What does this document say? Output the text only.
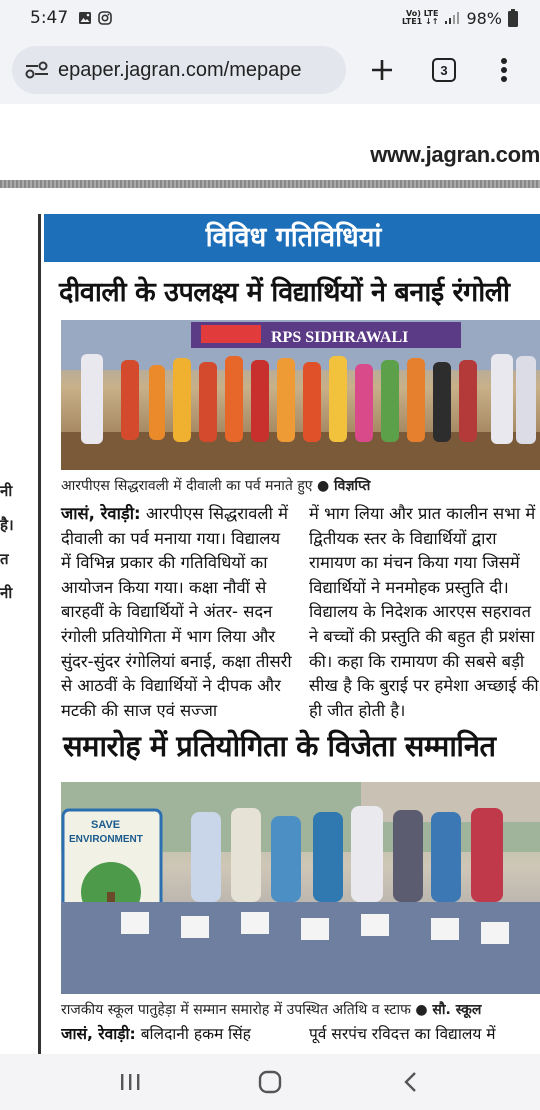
5:47	Vo) LTE
LTE1 ↓↑ 98%
epaper.jagran.com/mepape	3
www.jagran.com
नी
है।
त
नी
विविध गतिविधियां
दीवाली के उपलक्ष्य में विद्यार्थियों ने बनाई रंगोली
RPS SIDHRAWALI
आरपीएस सिद्धरावली में दीवाली का पर्व मनाते हुए ● विज्ञप्ति
जासं, रेवाड़ी: आरपीएस सिद्धरावली में दीवाली का पर्व मनाया गया। विद्यालय में विभिन्न प्रकार की गतिविधियों का आयोजन किया गया। कक्षा नौवीं से बारहवीं के विद्यार्थियों ने अंतर- सदन रंगोली प्रतियोगिता में भाग लिया और सुंदर-सुंदर रंगोलियां बनाई, कक्षा तीसरी से आठवीं के विद्यार्थियों ने दीपक और मटकी की साज एवं सज्जा
में भाग लिया और प्रात कालीन सभा में द्वितीयक स्तर के विद्यार्थियों द्वारा रामायण का मंचन किया गया जिसमें विद्यार्थियों ने मनमोहक प्रस्तुति दी। विद्यालय के निदेशक आरएस सहरावत ने बच्चों की प्रस्तुति की बहुत ही प्रशंसा की। कहा कि रामायण की सबसे बड़ी सीख है कि बुराई पर हमेशा अच्छाई की ही जीत होती है।
समारोह में प्रतियोगिता के विजेता सम्मानित
SAVE
ENVIRONMENT
राजकीय स्कूल पातुहेड़ा में सम्मान समारोह में उपस्थित अतिथि व स्टाफ ● सौ. स्कूल
जासं, रेवाड़ी: बलिदानी हकम सिंह	पूर्व सरपंच रविदत्त का विद्यालय में
